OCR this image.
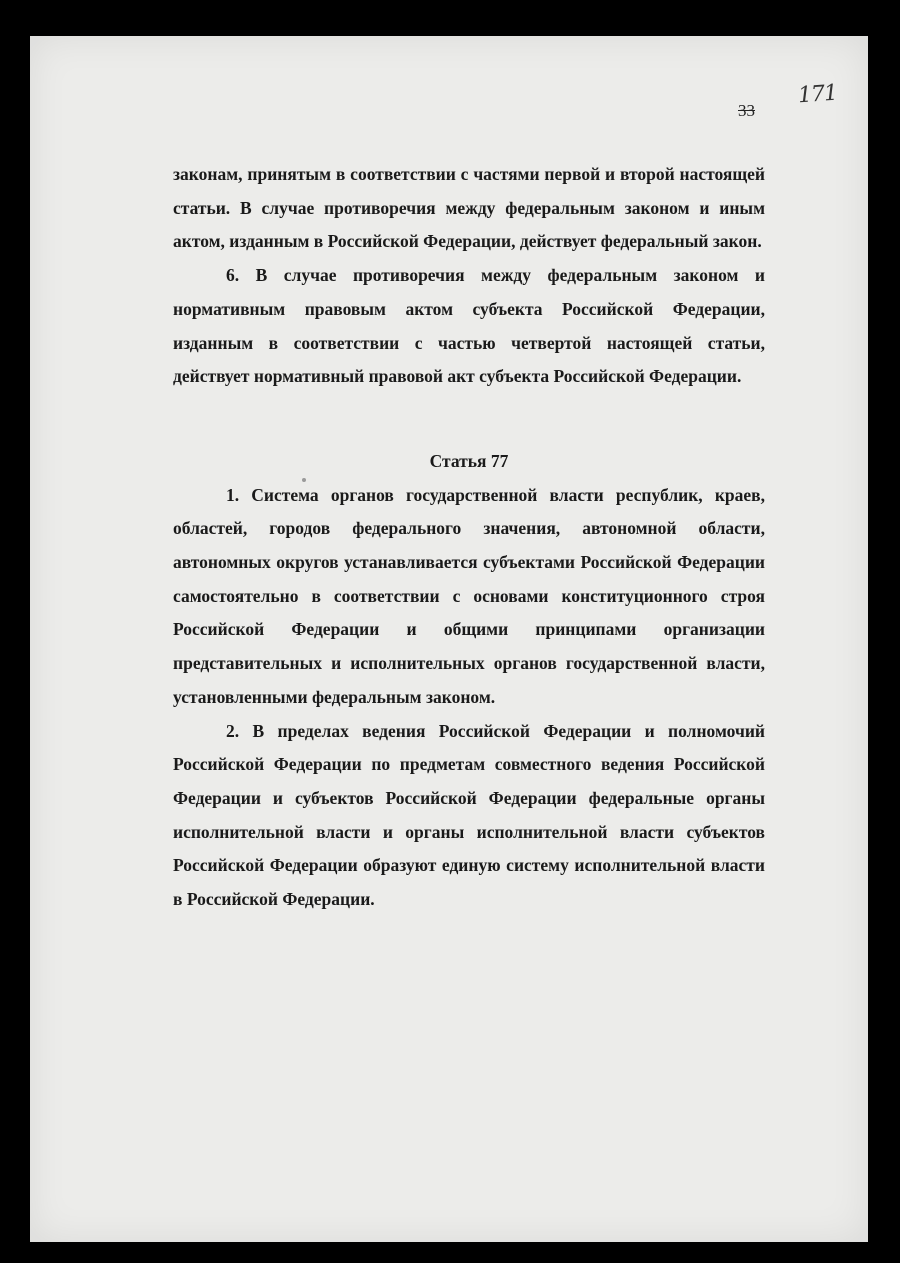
33
171

законам, принятым в соответствии с частями первой и второй настоящей статьи. В случае противоречия между федеральным законом и иным актом, изданным в Российской Федерации, действует федеральный закон.

6. В случае противоречия между федеральным законом и нормативным правовым актом субъекта Российской Федерации, изданным в соответствии с частью четвертой настоящей статьи, действует нормативный правовой акт субъекта Российской Федерации.

Статья 77

1. Система органов государственной власти республик, краев, областей, городов федерального значения, автономной области, автономных округов устанавливается субъектами Российской Федерации самостоятельно в соответствии с основами конституционного строя Российской Федерации и общими принципами организации представительных и исполнительных органов государственной власти, установленными федеральным законом.

2. В пределах ведения Российской Федерации и полномочий Российской Федерации по предметам совместного ведения Российской Федерации и субъектов Российской Федерации федеральные органы исполнительной власти и органы исполнительной власти субъектов Российской Федерации образуют единую систему исполнительной власти в Российской Федерации.
